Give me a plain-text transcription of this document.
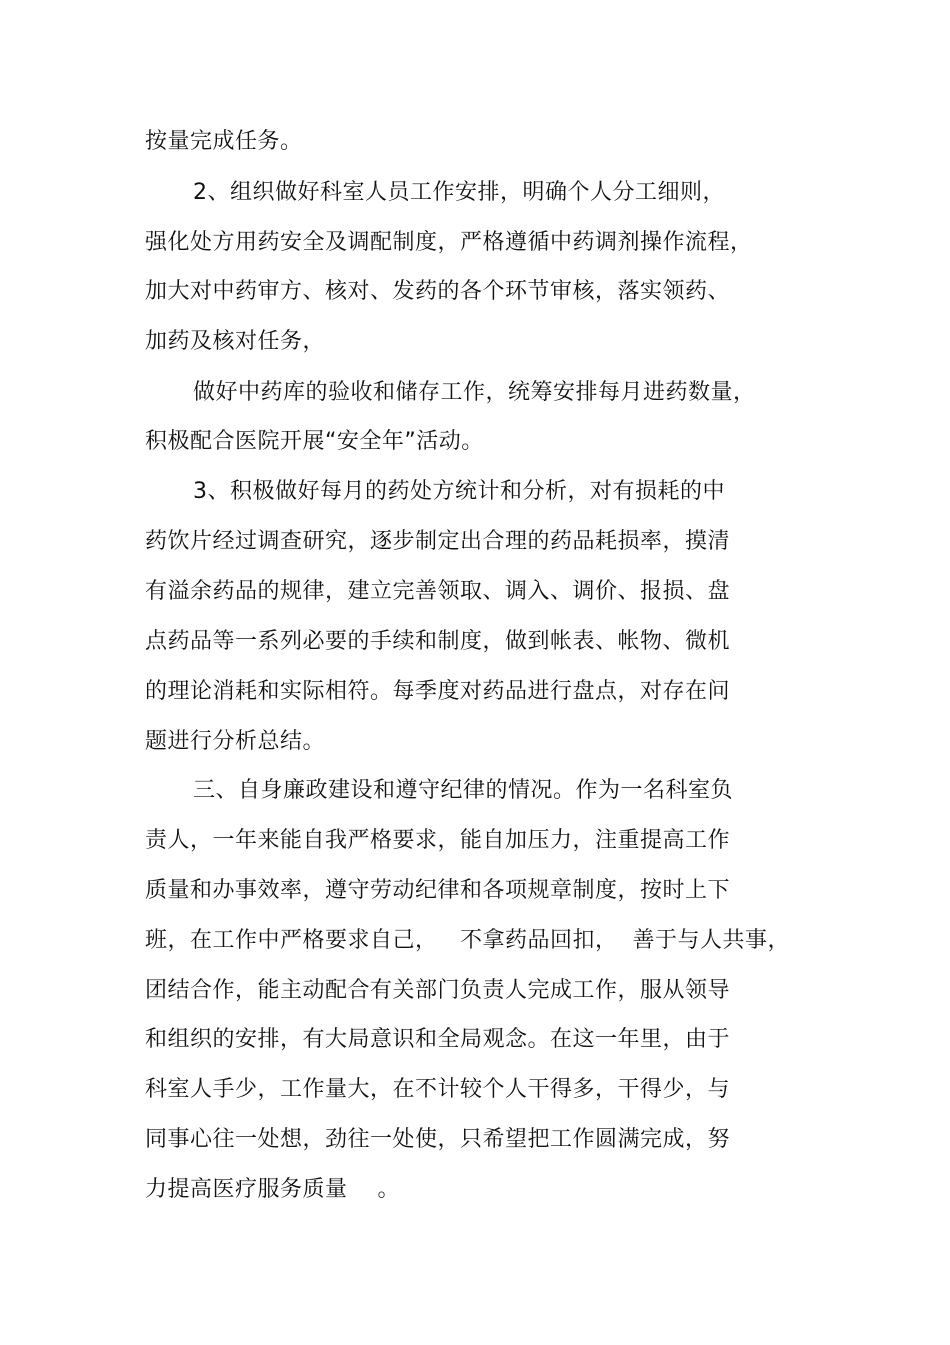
按量完成任务。
2、组织做好科室人员工作安排，明确个人分工细则，
强化处方用药安全及调配制度，严格遵循中药调剂操作流程，
加大对中药审方、核对、发药的各个环节审核，落实领药、
加药及核对任务，
做好中药库的验收和储存工作，统筹安排每月进药数量，
积极配合医院开展“安全年”活动。
3、积极做好每月的药处方统计和分析，对有损耗的中
药饮片经过调查研究，逐步制定出合理的药品耗损率，摸清
有溢余药品的规律，建立完善领取、调入、调价、报损、盘
点药品等一系列必要的手续和制度，做到帐表、帐物、微机
的理论消耗和实际相符。每季度对药品进行盘点，对存在问
题进行分析总结。
三、自身廉政建设和遵守纪律的情况。作为一名科室负
责人，一年来能自我严格要求，能自加压力，注重提高工作
质量和办事效率，遵守劳动纪律和各项规章制度，按时上下
班，在工作中严格要求自己，   不拿药品回扣，  善于与人共事，
团结合作，能主动配合有关部门负责人完成工作，服从领导
和组织的安排，有大局意识和全局观念。在这一年里，由于
科室人手少，工作量大，在不计较个人干得多，干得少，与
同事心往一处想，劲往一处使，只希望把工作圆满完成，努
力提高医疗服务质量    。
